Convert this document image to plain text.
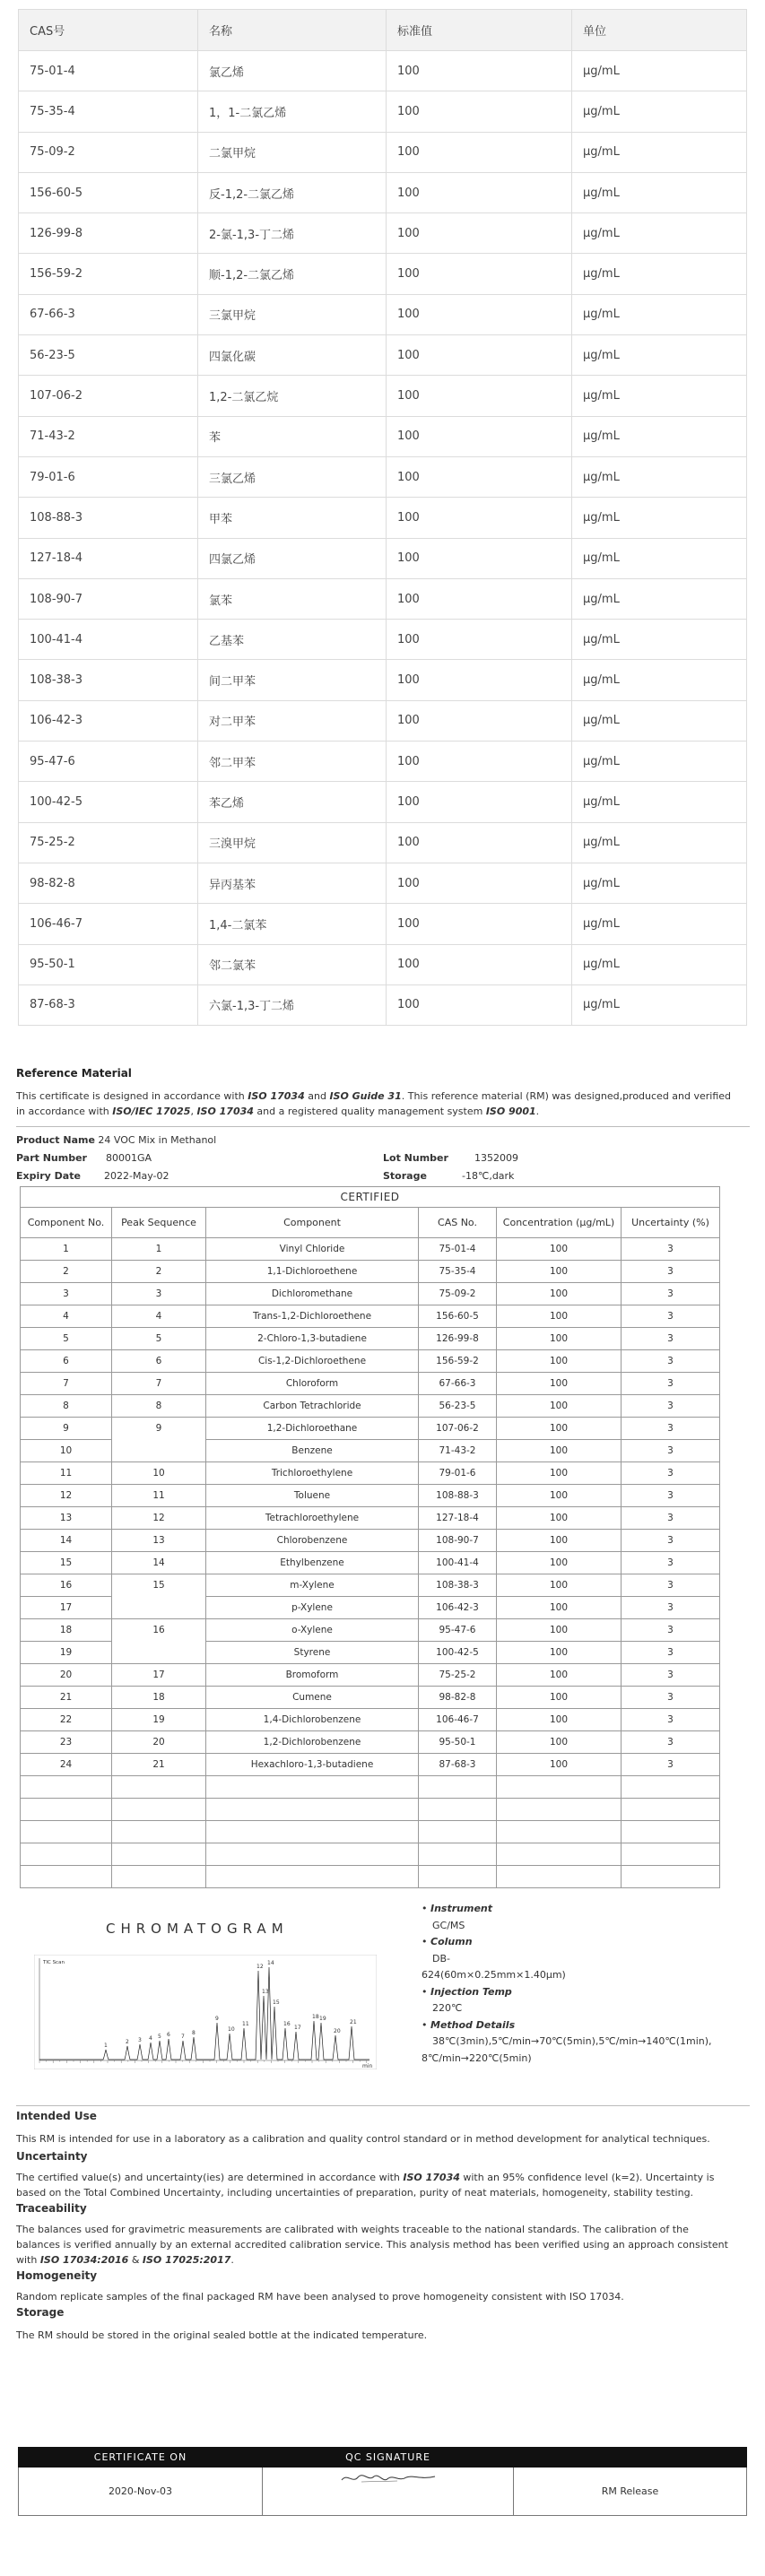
CAS号	名称	标准值	单位
75-01-4	氯乙烯	100	μg/mL
75-35-4	1，1-二氯乙烯	100	μg/mL
75-09-2	二氯甲烷	100	μg/mL
156-60-5	反-1,2-二氯乙烯	100	μg/mL
126-99-8	2-氯-1,3-丁二烯	100	μg/mL
156-59-2	顺-1,2-二氯乙烯	100	μg/mL
67-66-3	三氯甲烷	100	μg/mL
56-23-5	四氯化碳	100	μg/mL
107-06-2	1,2-二氯乙烷	100	μg/mL
71-43-2	苯	100	μg/mL
79-01-6	三氯乙烯	100	μg/mL
108-88-3	甲苯	100	μg/mL
127-18-4	四氯乙烯	100	μg/mL
108-90-7	氯苯	100	μg/mL
100-41-4	乙基苯	100	μg/mL
108-38-3	间二甲苯	100	μg/mL
106-42-3	对二甲苯	100	μg/mL
95-47-6	邻二甲苯	100	μg/mL
100-42-5	苯乙烯	100	μg/mL
75-25-2	三溴甲烷	100	μg/mL
98-82-8	异丙基苯	100	μg/mL
106-46-7	1,4-二氯苯	100	μg/mL
95-50-1	邻二氯苯	100	μg/mL
87-68-3	六氯-1,3-丁二烯	100	μg/mL
Reference Material
This certificate is designed in accordance with ISO 17034 and ISO Guide 31. This reference material (RM) was designed,produced and verified
in accordance with ISO/IEC 17025, ISO 17034 and a registered quality management system ISO 9001.
Product Name
24 VOC Mix in Methanol
Part Number	80001GA	Lot Number	1352009
Expiry Date	2022-May-02	Storage	-18℃,dark
CERTIFIED					
Component No.	Peak Sequence	Component	CAS No.	Concentration (μg/mL)	Uncertainty (%)
1	1	Vinyl Chloride	75-01-4	100	3
2	2	1,1-Dichloroethene	75-35-4	100	3
3	3	Dichloromethane	75-09-2	100	3
4	4	Trans-1,2-Dichloroethene	156-60-5	100	3
5	5	2-Chloro-1,3-butadiene	126-99-8	100	3
6	6	Cis-1,2-Dichloroethene	156-59-2	100	3
7	7	Chloroform	67-66-3	100	3
8	8	Carbon Tetrachloride	56-23-5	100	3
9	9	1,2-Dichloroethane	107-06-2	100	3
10		Benzene	71-43-2	100	3
11	10	Trichloroethylene	79-01-6	100	3
12	11	Toluene	108-88-3	100	3
13	12	Tetrachloroethylene	127-18-4	100	3
14	13	Chlorobenzene	108-90-7	100	3
15	14	Ethylbenzene	100-41-4	100	3
16	15	m-Xylene	108-38-3	100	3
17		p-Xylene	106-42-3	100	3
18	16	o-Xylene	95-47-6	100	3
19		Styrene	100-42-5	100	3
20	17	Bromoform	75-25-2	100	3
21	18	Cumene	98-82-8	100	3
22	19	1,4-Dichlorobenzene	106-46-7	100	3
23	20	1,2-Dichlorobenzene	95-50-1	100	3
24	21	Hexachloro-1,3-butadiene	87-68-3	100	3

CHROMATOGRAM
1
2 3 4 5 6 7
8
9
10
11
12
13
14
15
16
17
18 19
20
21
min
TIC Scan
• Instrument
GC/MS
• Column
DB-
624(60m×0.25mm×1.40μm)
• Injection Temp
220℃
• Method Details
38℃(3min),5℃/min→70℃(5min),5℃/min→140℃(1min),
8℃/min→220℃(5min)
Intended Use
This RM is intended for use in a laboratory as a calibration and quality control standard or in method development for analytical techniques.
Uncertainty
The certified value(s) and uncertainty(ies) are determined in accordance with ISO 17034 with an 95% confidence level (k=2). Uncertainty is
based on the Total Combined Uncertainty, including uncertainties of preparation, purity of neat materials, homogeneity, stability testing.
Traceability
The balances used for gravimetric measurements are calibrated with weights traceable to the national standards. The calibration of the
balances is verified annually by an external accredited calibration service. This analysis method has been verified using an approach consistent
with ISO 17034:2016 & ISO 17025:2017.
Homogeneity
Random replicate samples of the final packaged RM have been analysed to prove homogeneity consistent with ISO 17034.
Storage
The RM should be stored in the original sealed bottle at the indicated temperature.
CERTIFICATE ON	QC SIGNATURE	
2020-Nov-03		RM Release
